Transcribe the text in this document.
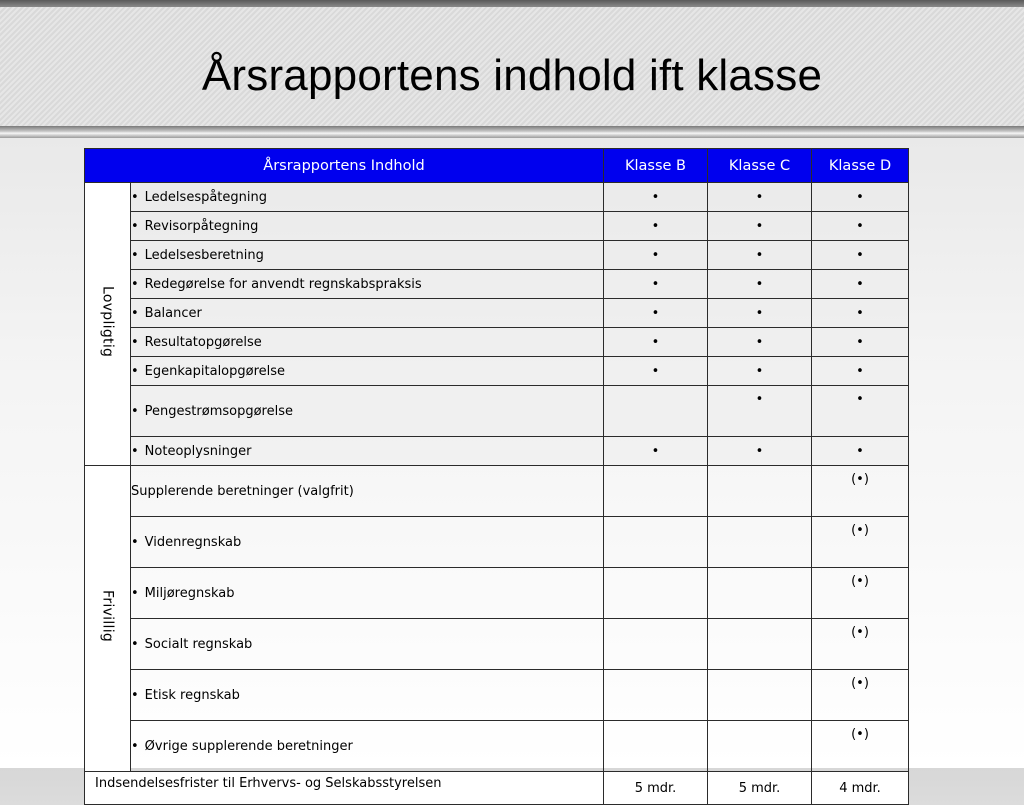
Årsrapportens indhold ift klasse
Årsrapportens Indhold		Klasse B	Klasse C	Klasse D
Lovpligtig	• Ledelsespåtegning	•	•	•
	• Revisorpåtegning	•	•	•
	• Ledelsesberetning	•	•	•
	• Redegørelse for anvendt regnskabspraksis	•	•	•
	• Balancer	•	•	•
	• Resultatopgørelse	•	•	•
	• Egenkapitalopgørelse	•	•	•
	• Pengestrømsopgørelse		•	•
	• Noteoplysninger	•	•	•
Frivillig	Supplerende beretninger (valgfrit)			(•)
	• Videnregnskab			(•)
	• Miljøregnskab			(•)
	• Socialt regnskab			(•)
	• Etisk regnskab			(•)
	• Øvrige supplerende beretninger			(•)
Indsendelsesfrister til Erhvervs- og Selskabsstyrelsen		5 mdr.	5 mdr.	4 mdr.
